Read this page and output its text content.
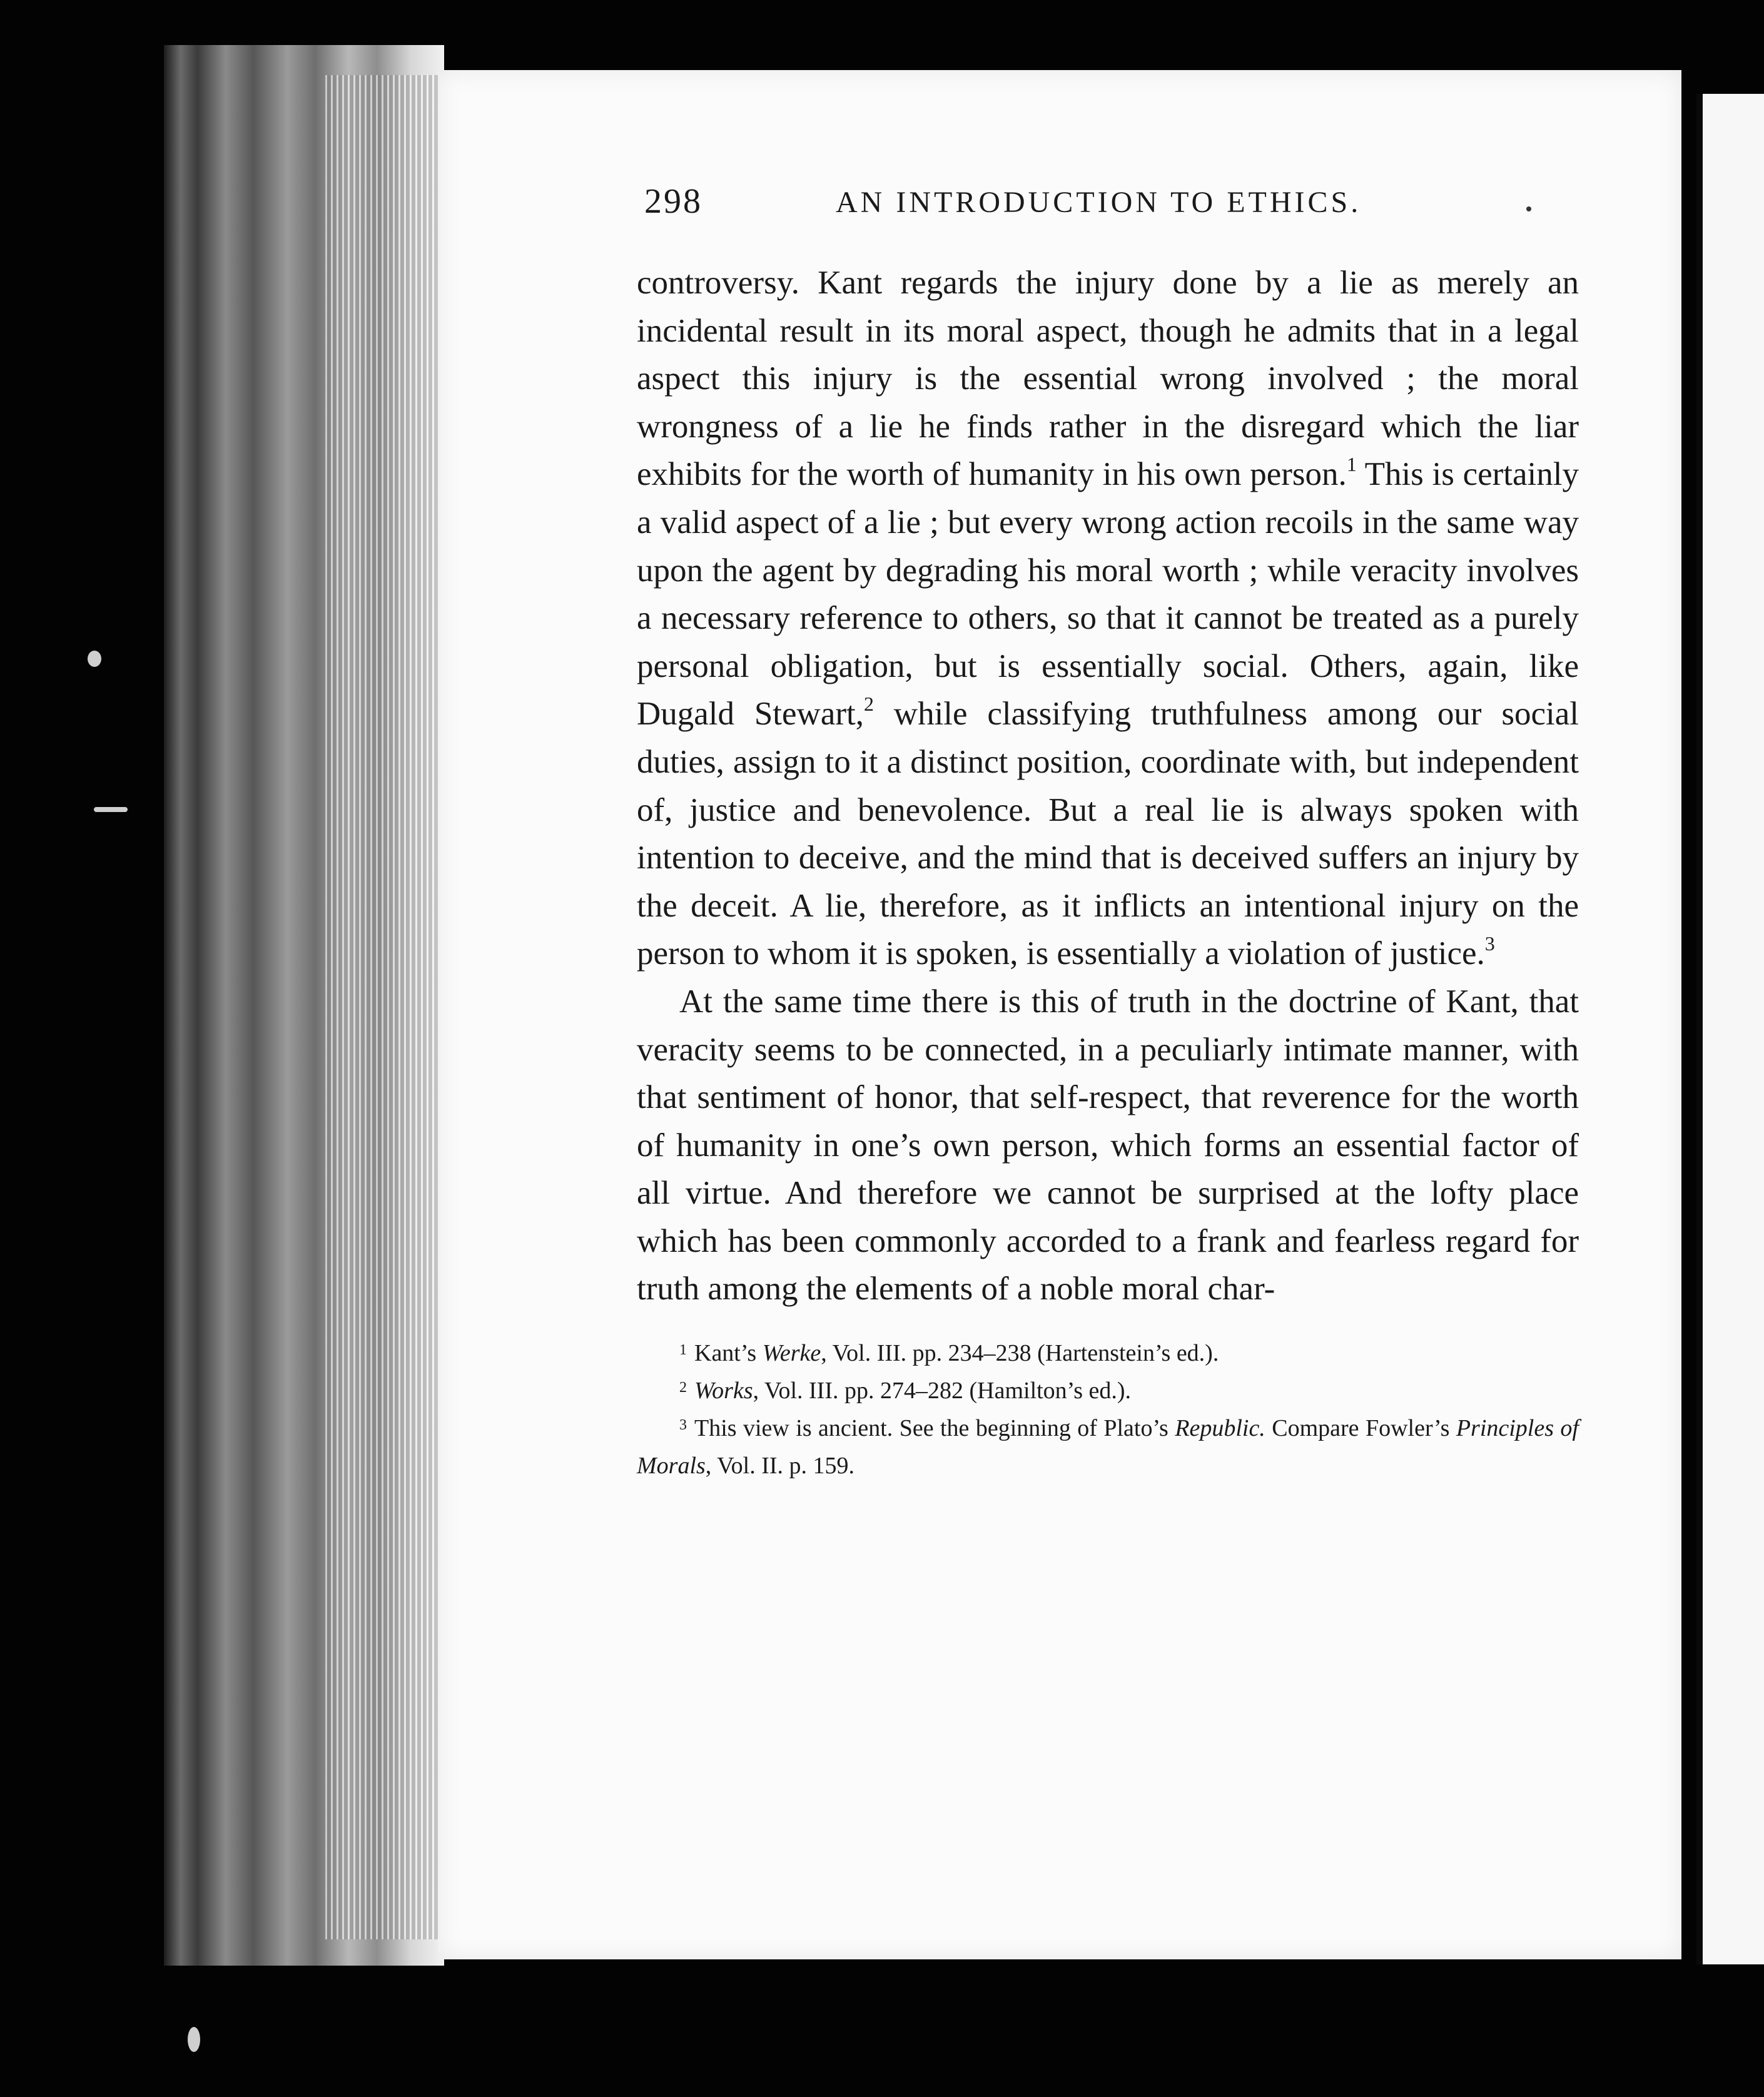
298	AN INTRODUCTION TO ETHICS.

controversy. Kant regards the injury done by a lie as merely an incidental result in its moral aspect, though he admits that in a legal aspect this injury is the essential wrong involved ; the moral wrongness of a lie he finds rather in the disregard which the liar exhibits for the worth of humanity in his own person.$^1$ This is certainly a valid aspect of a lie ; but every wrong action recoils in the same way upon the agent by degrading his moral worth ; while veracity involves a necessary reference to others, so that it cannot be treated as a purely personal obligation, but is essentially social. Others, again, like Dugald Stewart,$^2$ while classifying truthfulness among our social duties, assign to it a distinct position, coordinate with, but independent of, justice and benevolence. But a real lie is always spoken with intention to deceive, and the mind that is deceived suffers an injury by the deceit. A lie, therefore, as it inflicts an intentional injury on the person to whom it is spoken, is essentially a violation of justice.$^3$

At the same time there is this of truth in the doctrine of Kant, that veracity seems to be connected, in a peculiarly intimate manner, with that sentiment of honor, that self-respect, that reverence for the worth of humanity in one’s own person, which forms an essential factor of all virtue. And therefore we cannot be surprised at the lofty place which has been commonly accorded to a frank and fearless regard for truth among the elements of a noble moral char-

$^1$ Kant’s Werke, Vol. III. pp. 234–238 (Hartenstein’s ed.).

$^2$ Works, Vol. III. pp. 274–282 (Hamilton’s ed.).

$^3$ This view is ancient. See the beginning of Plato’s Republic. Compare Fowler’s Principles of Morals, Vol. II. p. 159.
